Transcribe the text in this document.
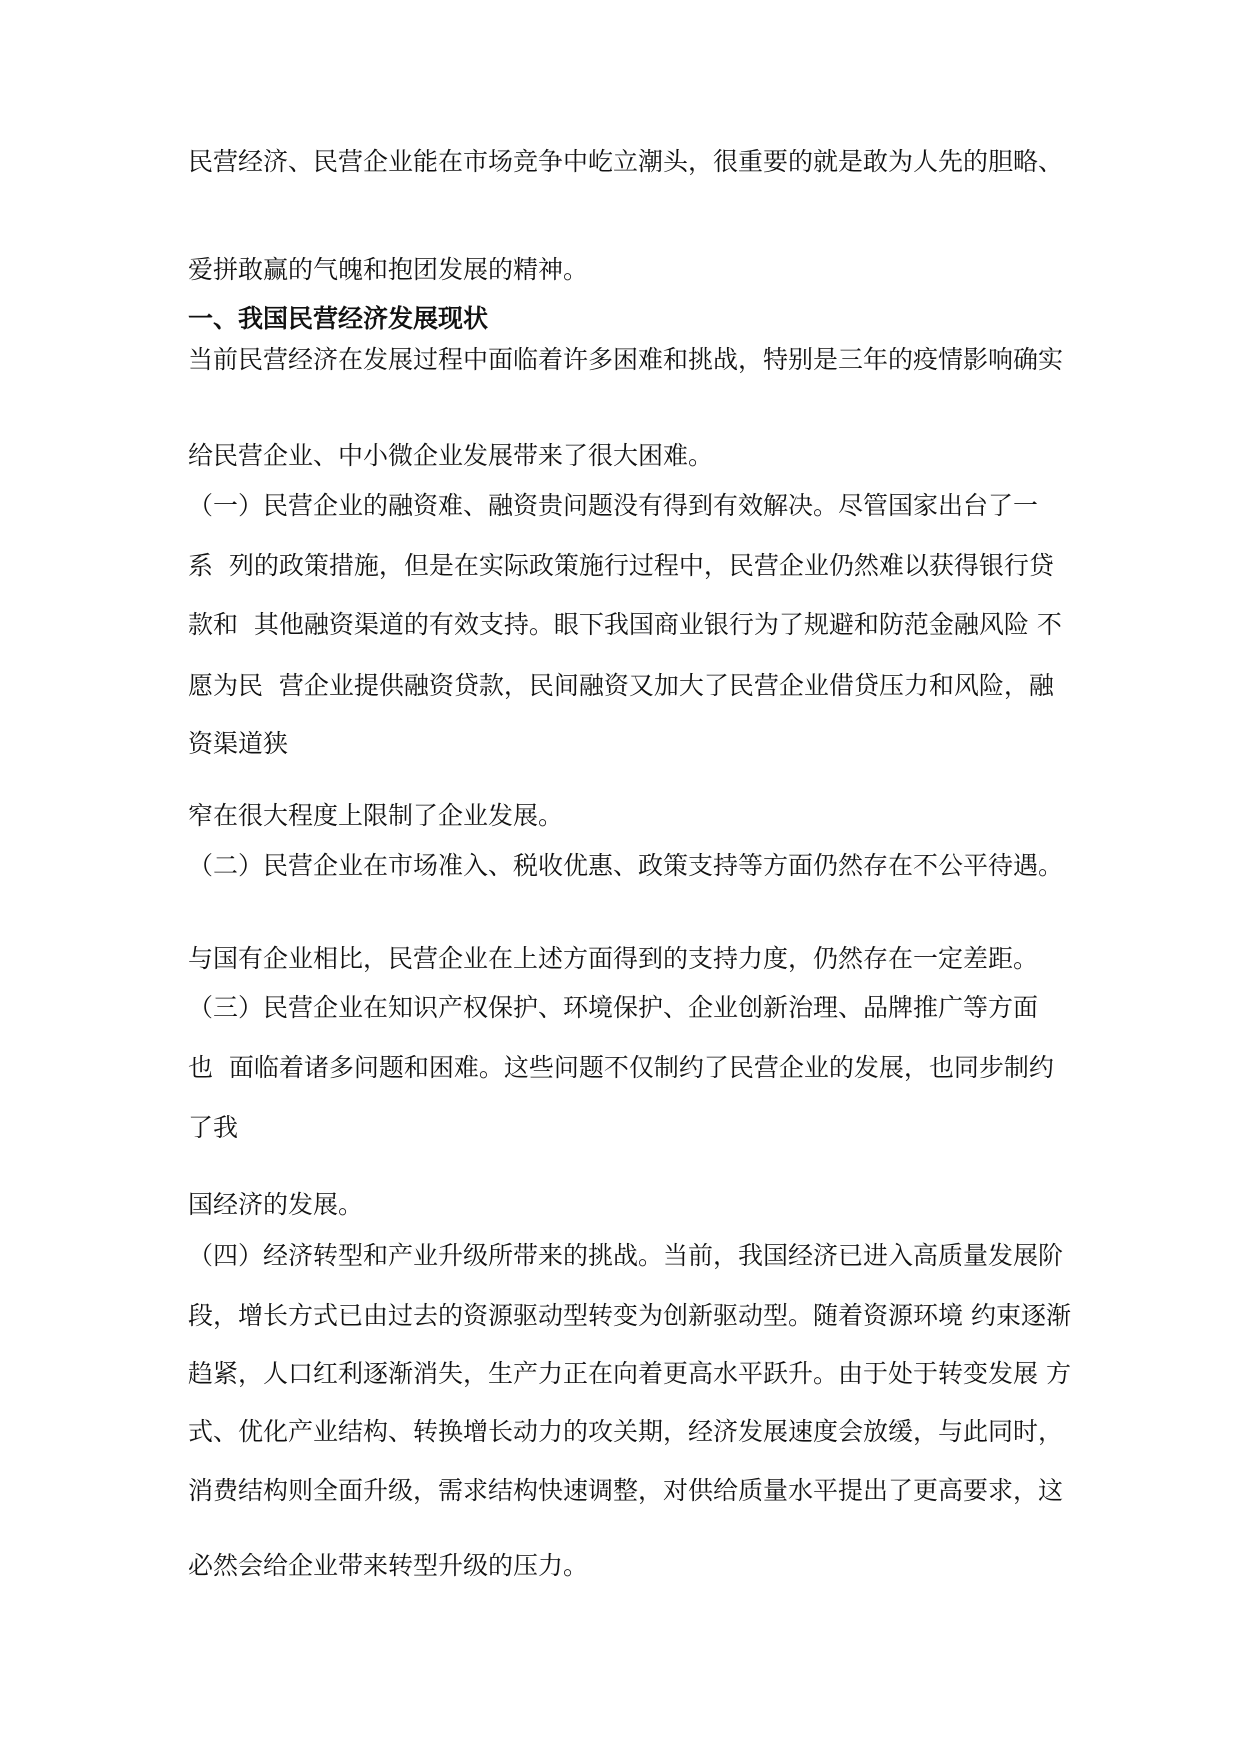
民营经济、民营企业能在市场竞争中屹立潮头，很重要的就是敢为人先的胆略、

爱拼敢赢的气魄和抱团发展的精神。

一、我国民营经济发展现状

当前民营经济在发展过程中面临着许多困难和挑战，特别是三年的疫情影响确实

给民营企业、中小微企业发展带来了很大困难。

（一）民营企业的融资难、融资贵问题没有得到有效解决。尽管国家出台了一

系  列的政策措施，但是在实际政策施行过程中，民营企业仍然难以获得银行贷

款和  其他融资渠道的有效支持。眼下我国商业银行为了规避和防范金融风险 不

愿为民  营企业提供融资贷款，民间融资又加大了民营企业借贷压力和风险，融

资渠道狭

窄在很大程度上限制了企业发展。

（二）民营企业在市场准入、税收优惠、政策支持等方面仍然存在不公平待遇。

与国有企业相比，民营企业在上述方面得到的支持力度，仍然存在一定差距。

（三）民营企业在知识产权保护、环境保护、企业创新治理、品牌推广等方面

也  面临着诸多问题和困难。这些问题不仅制约了民营企业的发展，也同步制约

了我

国经济的发展。

（四）经济转型和产业升级所带来的挑战。当前，我国经济已进入高质量发展阶

段，增长方式已由过去的资源驱动型转变为创新驱动型。随着资源环境 约束逐渐

趋紧，人口红利逐渐消失，生产力正在向着更高水平跃升。由于处于转变发展 方

式、优化产业结构、转换增长动力的攻关期，经济发展速度会放缓，与此同时，

消费结构则全面升级，需求结构快速调整，对供给质量水平提出了更高要求，这

必然会给企业带来转型升级的压力。
